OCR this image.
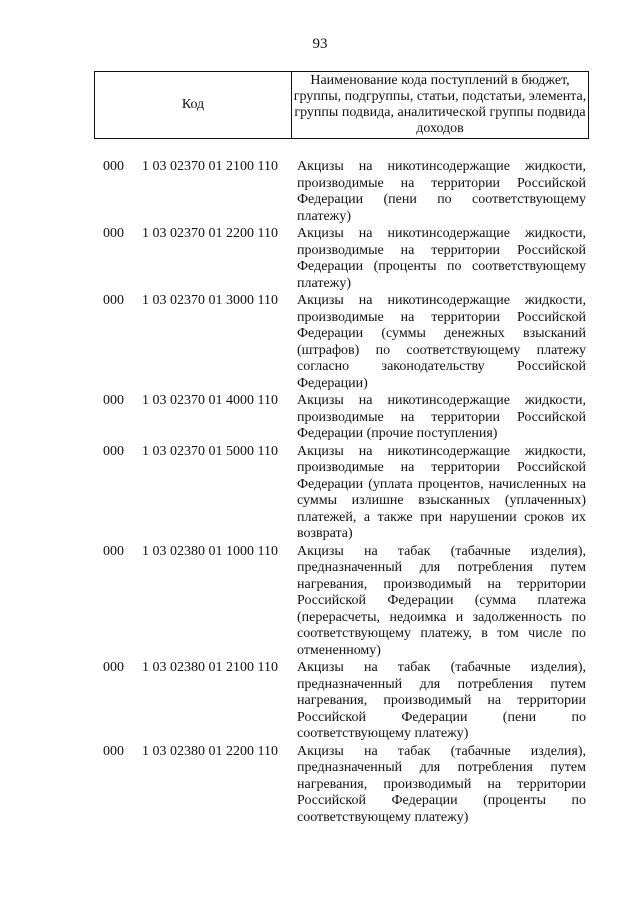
93
Код	Наименование кода поступлений в бюджет, группы, подгруппы, статьи, подстатьи, элемента, группы подвида, аналитической группы подвида доходов
000 1 03 02370 01 2100 110	Акцизы на никотинсодержащие жидкости, производимые на территории Российской Федерации (пени по соответствующему платежу)
000 1 03 02370 01 2200 110	Акцизы на никотинсодержащие жидкости, производимые на территории Российской Федерации (проценты по соответствующему платежу)
000 1 03 02370 01 3000 110	Акцизы на никотинсодержащие жидкости, производимые на территории Российской Федерации (суммы денежных взысканий (штрафов) по соответствующему платежу согласно законодательству Российской Федерации)
000 1 03 02370 01 4000 110	Акцизы на никотинсодержащие жидкости, производимые на территории Российской Федерации (прочие поступления)
000 1 03 02370 01 5000 110	Акцизы на никотинсодержащие жидкости, производимые на территории Российской Федерации (уплата процентов, начисленных на суммы излишне взысканных (уплаченных) платежей, а также при нарушении сроков их возврата)
000 1 03 02380 01 1000 110	Акцизы на табак (табачные изделия), предназначенный для потребления путем нагревания, производимый на территории Российской Федерации (сумма платежа (перерасчеты, недоимка и задолженность по соответствующему платежу, в том числе по отмененному)
000 1 03 02380 01 2100 110	Акцизы на табак (табачные изделия), предназначенный для потребления путем нагревания, производимый на территории Российской Федерации (пени по соответствующему платежу)
000 1 03 02380 01 2200 110	Акцизы на табак (табачные изделия), предназначенный для потребления путем нагревания, производимый на территории Российской Федерации (проценты по соответствующему платежу)
